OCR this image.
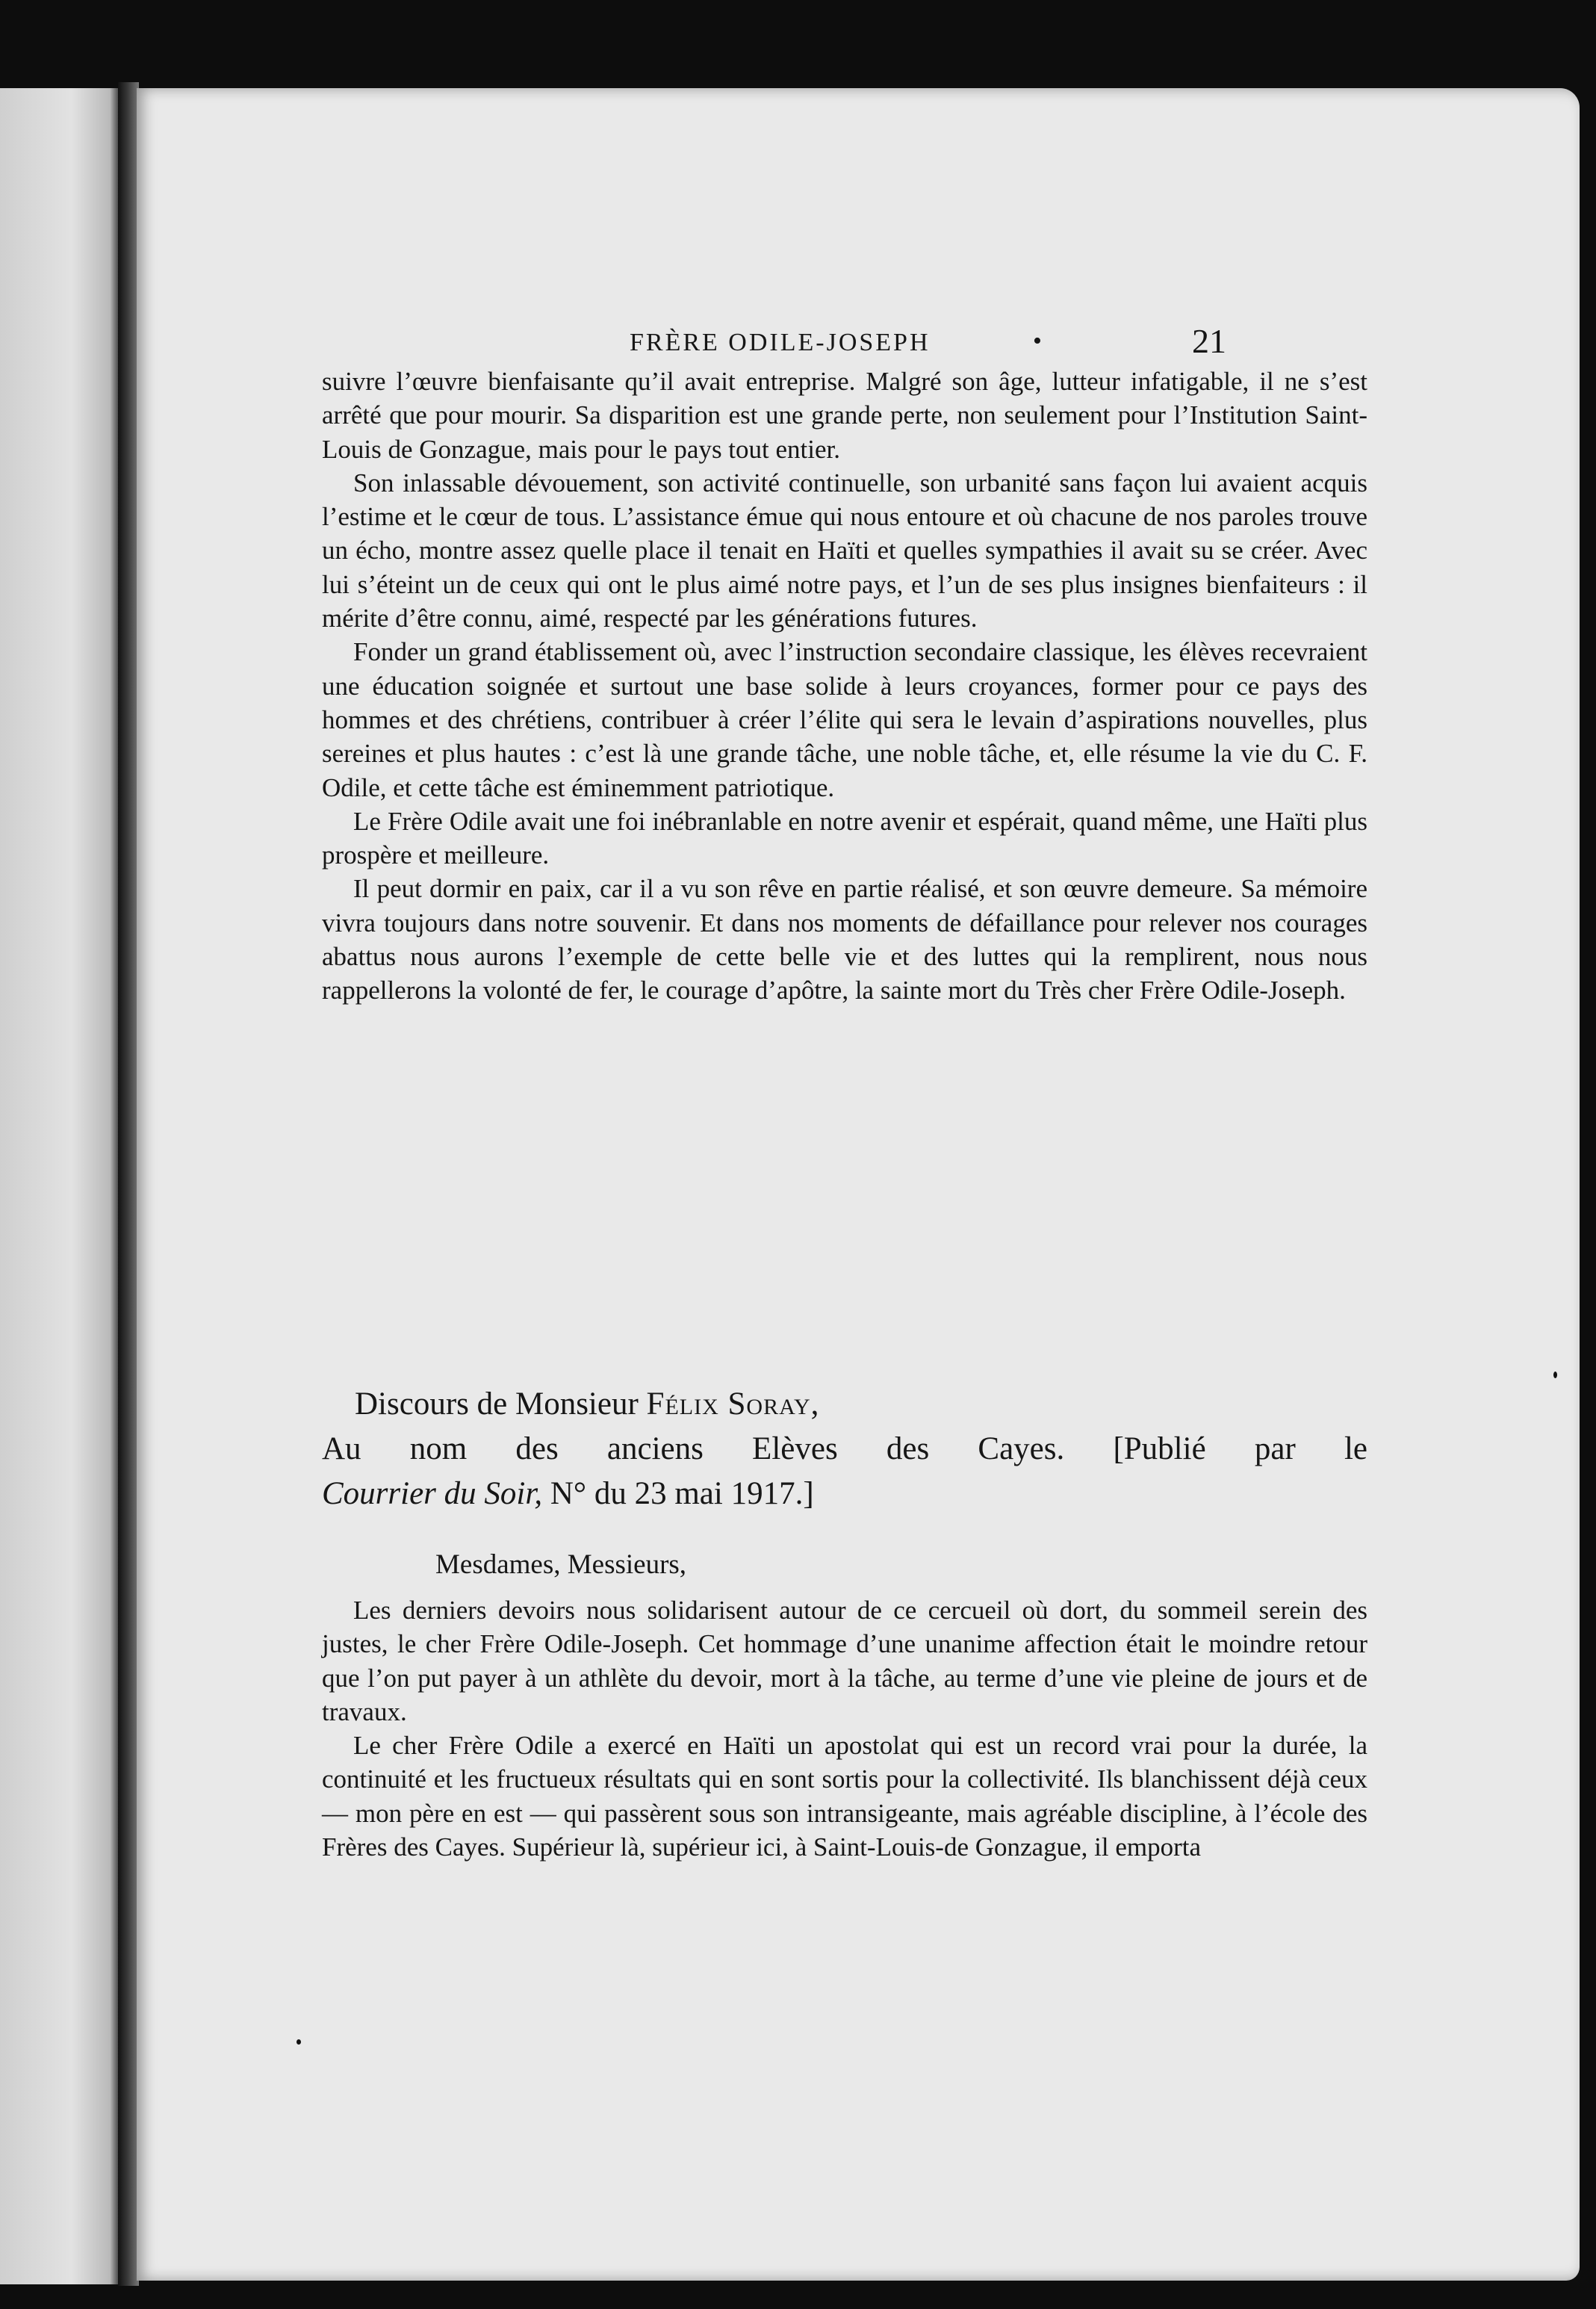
FRÈRE ODILE-JOSEPH	•	21

suivre l’œuvre bienfaisante qu’il avait entreprise. Malgré son âge, lutteur infatigable, il ne s’est arrêté que pour mourir. Sa disparition est une grande perte, non seulement pour l’Institution Saint-Louis de Gonzague, mais pour le pays tout entier.

Son inlassable dévouement, son activité continuelle, son urbanité sans façon lui avaient acquis l’estime et le cœur de tous. L’assistance émue qui nous entoure et où chacune de nos paroles trouve un écho, montre assez quelle place il tenait en Haïti et quelles sympathies il avait su se créer. Avec lui s’éteint un de ceux qui ont le plus aimé notre pays, et l’un de ses plus insignes bienfaiteurs : il mérite d’être connu, aimé, respecté par les générations futures.

Fonder un grand établissement où, avec l’instruction secondaire classique, les élèves recevraient une éducation soignée et surtout une base solide à leurs croyances, former pour ce pays des hommes et des chrétiens, contribuer à créer l’élite qui sera le levain d’aspirations nouvelles, plus sereines et plus hautes : c’est là une grande tâche, une noble tâche, et, elle résume la vie du C. F. Odile, et cette tâche est éminemment patriotique.

Le Frère Odile avait une foi inébranlable en notre avenir et espérait, quand même, une Haïti plus prospère et meilleure.

Il peut dormir en paix, car il a vu son rêve en partie réalisé, et son œuvre demeure. Sa mémoire vivra toujours dans notre souvenir. Et dans nos moments de défaillance pour relever nos courages abattus nous aurons l’exemple de cette belle vie et des luttes qui la remplirent, nous nous rappellerons la volonté de fer, le courage d’apôtre, la sainte mort du Très cher Frère Odile-Joseph.

Discours de Monsieur Félix Soray,
Au nom des anciens Elèves des Cayes. [Publié par le
Courrier du Soir, N° du 23 mai 1917.]
Mesdames, Messieurs,

Les derniers devoirs nous solidarisent autour de ce cercueil où dort, du sommeil serein des justes, le cher Frère Odile-Joseph. Cet hommage d’une unanime affection était le moindre retour que l’on put payer à un athlète du devoir, mort à la tâche, au terme d’une vie pleine de jours et de travaux.

Le cher Frère Odile a exercé en Haïti un apostolat qui est un record vrai pour la durée, la continuité et les fructueux résultats qui en sont sortis pour la collectivité. Ils blanchissent déjà ceux — mon père en est — qui passèrent sous son intransigeante, mais agréable discipline, à l’école des Frères des Cayes. Supérieur là, supérieur ici, à Saint-Louis-de Gonzague, il emporta
